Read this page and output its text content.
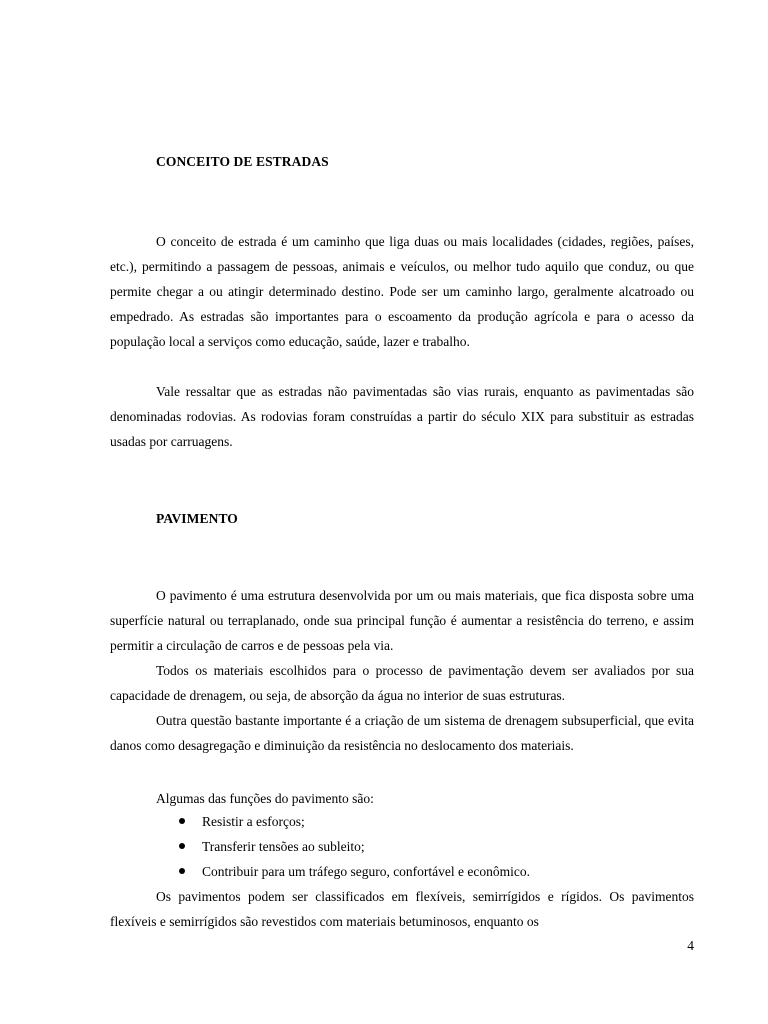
CONCEITO DE ESTRADAS

O conceito de estrada é um caminho que liga duas ou mais localidades (cidades, regiões, países, etc.), permitindo a passagem de pessoas, animais e veículos, ou melhor tudo aquilo que conduz, ou que permite chegar a ou atingir determinado destino. Pode ser um caminho largo, geralmente alcatroado ou empedrado. As estradas são importantes para o escoamento da produção agrícola e para o acesso da população local a serviços como educação, saúde, lazer e trabalho.

Vale ressaltar que as estradas não pavimentadas são vias rurais, enquanto as pavimentadas são denominadas rodovias. As rodovias foram construídas a partir do século XIX para substituir as estradas usadas por carruagens.

PAVIMENTO

O pavimento é uma estrutura desenvolvida por um ou mais materiais, que fica disposta sobre uma superfície natural ou terraplanado, onde sua principal função é aumentar a resistência do terreno, e assim permitir a circulação de carros e de pessoas pela via.

Todos os materiais escolhidos para o processo de pavimentação devem ser avaliados por sua capacidade de drenagem, ou seja, de absorção da água no interior de suas estruturas.

Outra questão bastante importante é a criação de um sistema de drenagem subsuperficial, que evita danos como desagregação e diminuição da resistência no deslocamento dos materiais.

Algumas das funções do pavimento são:
Resistir a esforços;
Transferir tensões ao subleito;
Contribuir para um tráfego seguro, confortável e econômico.

Os pavimentos podem ser classificados em flexíveis, semirrígidos e rígidos. Os pavimentos flexíveis e semirrígidos são revestidos com materiais betuminosos, enquanto os

4
